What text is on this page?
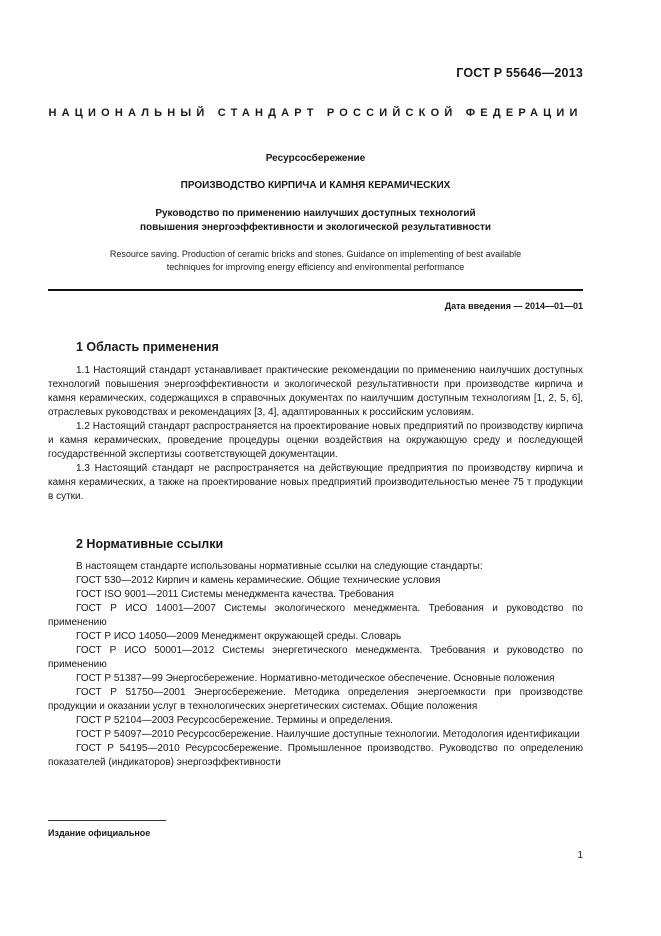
ГОСТ Р 55646—2013
НАЦИОНАЛЬНЫЙ СТАНДАРТ РОССИЙСКОЙ ФЕДЕРАЦИИ
Ресурсосбережение
ПРОИЗВОДСТВО КИРПИЧА И КАМНЯ КЕРАМИЧЕСКИХ
Руководство по применению наилучших доступных технологий
повышения энергоэффективности и экологической результативности
Resource saving. Production of ceramic bricks and stones. Guidance on implementing of best available
techniques for improving energy efficiency and environmental performance
Дата введения — 2014—01—01
1 Область применения

1.1 Настоящий стандарт устанавливает практические рекомендации по применению наилучших доступных технологий повышения энергоэффективности и экологической результативности при производстве кирпича и камня керамических, содержащихся в справочных документах по наилучшим доступным технологиям [1, 2, 5, 6], отраслевых руководствах и рекомендациях [3, 4], адаптированных к российским условиям.

1.2 Настоящий стандарт распространяется на проектирование новых предприятий по производству кирпича и камня керамических, проведение процедуры оценки воздействия на окружающую среду и последующей государственной экспертизы соответствующей документации.

1.3 Настоящий стандарт не распространяется на действующие предприятия по производству кирпича и камня керамических, а также на проектирование новых предприятий производительностью менее 75 т продукции в сутки.

2 Нормативные ссылки

В настоящем стандарте использованы нормативные ссылки на следующие стандарты:

ГОСТ 530—2012 Кирпич и камень керамические. Общие технические условия

ГОСТ ISO 9001—2011 Системы менеджмента качества. Требования

ГОСТ Р ИСО 14001—2007 Системы экологического менеджмента. Требования и руководство по применению

ГОСТ Р ИСО 14050—2009 Менеджмент окружающей среды. Словарь

ГОСТ Р ИСО 50001—2012 Системы энергетического менеджмента. Требования и руководство по применению

ГОСТ Р 51387—99 Энергосбережение. Нормативно-методическое обеспечение. Основные положения

ГОСТ Р 51750—2001 Энергосбережение. Методика определения энергоемкости при производстве продукции и оказании услуг в технологических энергетических системах. Общие положения

ГОСТ Р 52104—2003 Ресурсосбережение. Термины и определения.

ГОСТ Р 54097—2010 Ресурсосбережение. Наилучшие доступные технологии. Методология идентификации

ГОСТ Р 54195—2010 Ресурсосбережение. Промышленное производство. Руководство по определению показателей (индикаторов) энергоэффективности

Издание официальное
1
